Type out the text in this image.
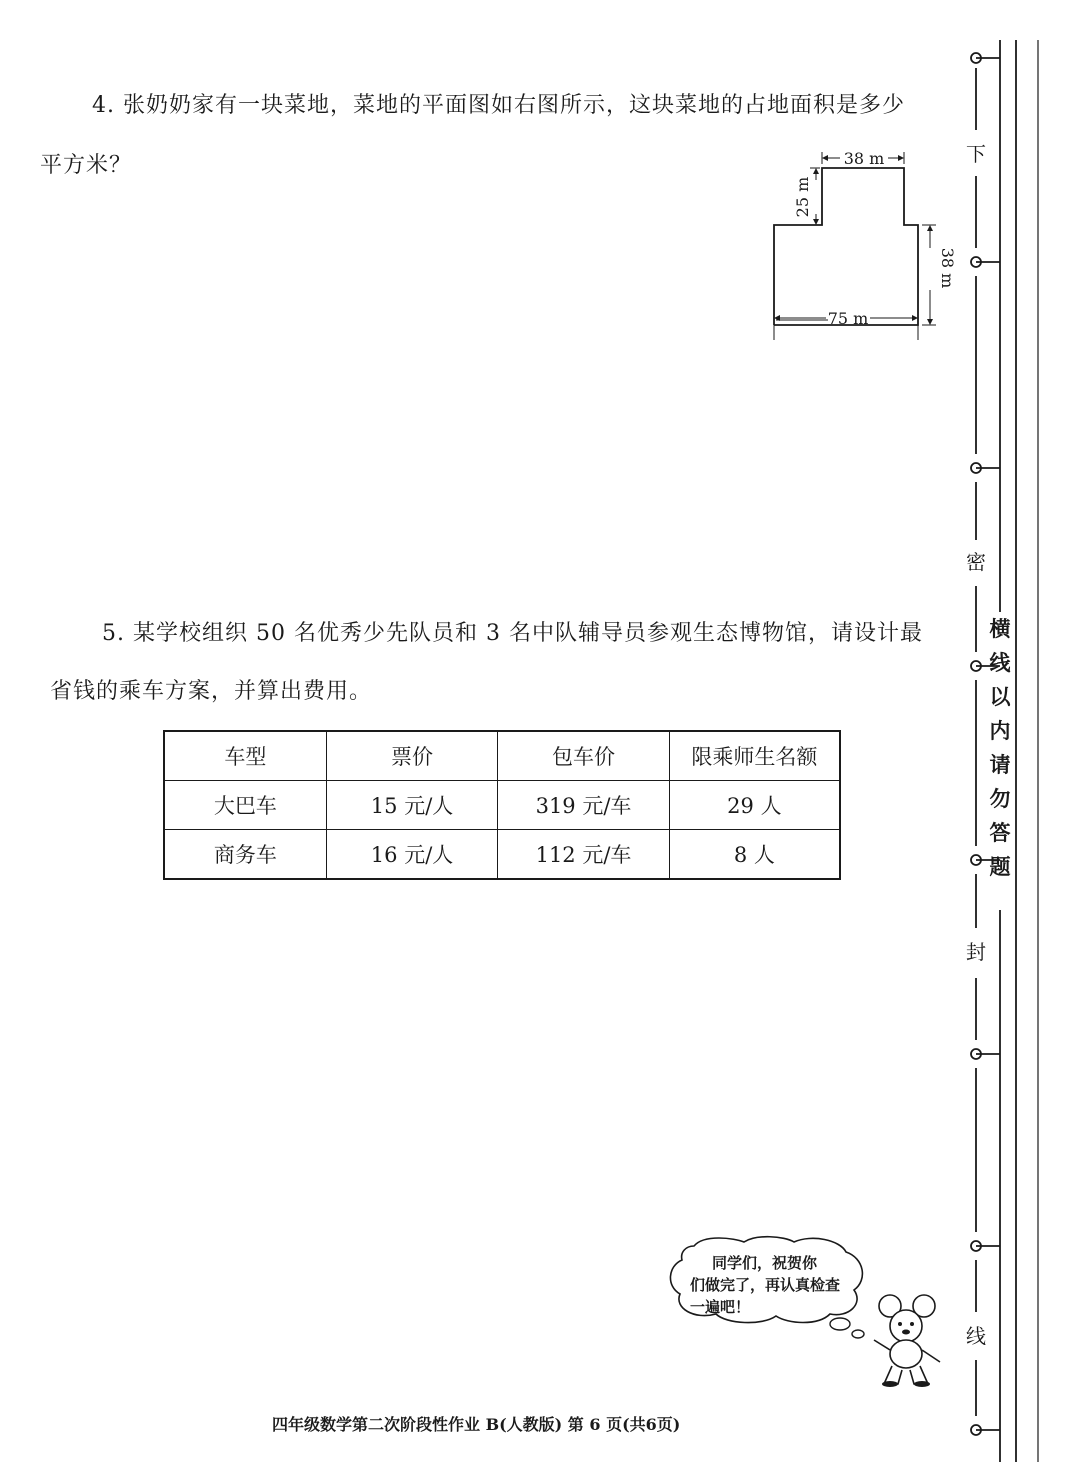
4. 张奶奶家有一块菜地，菜地的平面图如右图所示，这块菜地的占地面积是多少
平方米？	38 m
25 m
38 m
75 m
5. 某学校组织 50 名优秀少先队员和 3 名中队辅导员参观生态博物馆，请设计最
省钱的乘车方案，并算出费用。
车型	票价	包车价	限乘师生名额
大巴车	15 元/人	319 元/车	29 人
商务车	16 元/人	112 元/车	8 人
下
密
封
线
横线以内请勿答题
同学们，祝贺你
们做完了，再认真检查
一遍吧！
四年级数学第二次阶段性作业 B(人教版) 第 6 页(共6页)
